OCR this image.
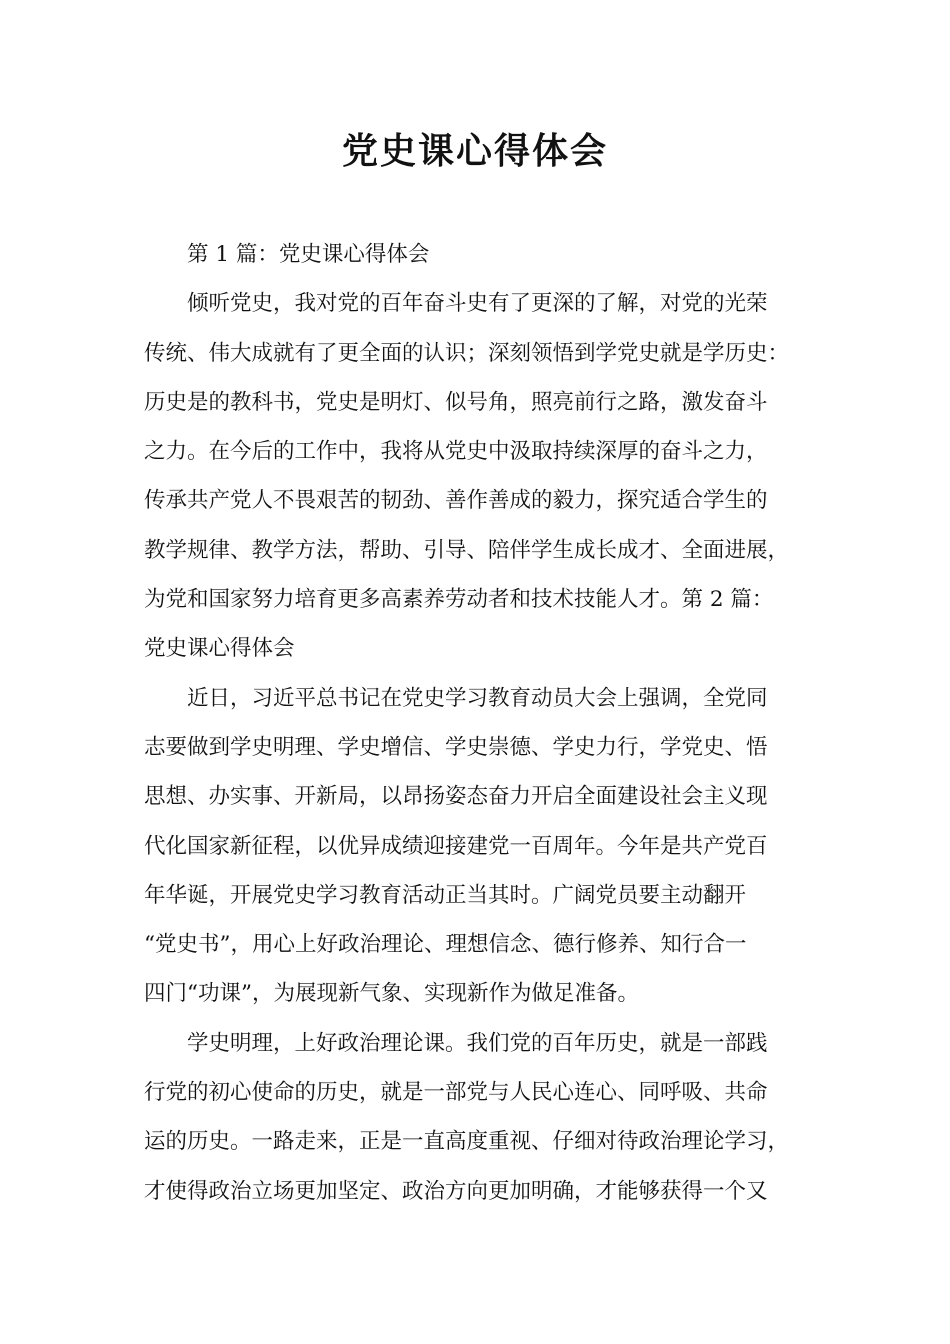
党史课心得体会

第 1 篇：党史课心得体会

倾听党史，我对党的百年奋斗史有了更深的了解，对党的光荣
传统、伟大成就有了更全面的认识；深刻领悟到学党史就是学历史：
历史是的教科书，党史是明灯、似号角，照亮前行之路，激发奋斗
之力。在今后的工作中，我将从党史中汲取持续深厚的奋斗之力，
传承共产党人不畏艰苦的韧劲、善作善成的毅力，探究适合学生的
教学规律、教学方法，帮助、引导、陪伴学生成长成才、全面进展，
为党和国家努力培育更多高素养劳动者和技术技能人才。第 2 篇：
党史课心得体会

近日，习近平总书记在党史学习教育动员大会上强调，全党同
志要做到学史明理、学史增信、学史崇德、学史力行，学党史、悟
思想、办实事、开新局，以昂扬姿态奋力开启全面建设社会主义现
代化国家新征程，以优异成绩迎接建党一百周年。今年是共产党百
年华诞，开展党史学习教育活动正当其时。广阔党员要主动翻开
“党史书”，用心上好政治理论、理想信念、德行修养、知行合一
四门“功课”，为展现新气象、实现新作为做足准备。

学史明理，上好政治理论课。我们党的百年历史，就是一部践
行党的初心使命的历史，就是一部党与人民心连心、同呼吸、共命
运的历史。一路走来，正是一直高度重视、仔细对待政治理论学习，
才使得政治立场更加坚定、政治方向更加明确，才能够获得一个又
